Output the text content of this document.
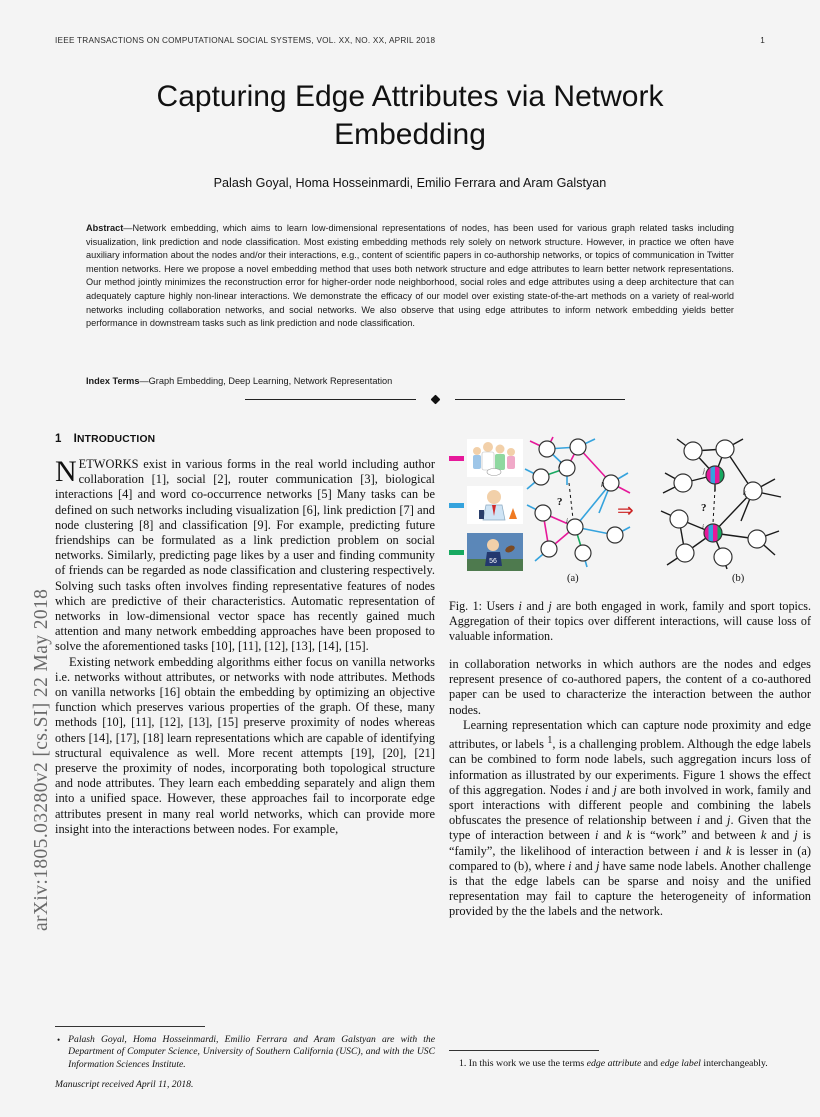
arXiv:1805.03280v2 [cs.SI] 22 May 2018
IEEE TRANSACTIONS ON COMPUTATIONAL SOCIAL SYSTEMS, VOL. XX, NO. XX, APRIL 2018	1
Capturing Edge Attributes via Network Embedding
Palash Goyal, Homa Hosseinmardi, Emilio Ferrara and Aram Galstyan
Abstract—Network embedding, which aims to learn low-dimensional representations of nodes, has been used for various graph related tasks including visualization, link prediction and node classification. Most existing embedding methods rely solely on network structure. However, in practice we often have auxiliary information about the nodes and/or their interactions, e.g., content of scientific papers in co-authorship networks, or topics of communication in Twitter mention networks. Here we propose a novel embedding method that uses both network structure and edge attributes to learn better network representations. Our method jointly minimizes the reconstruction error for higher-order node neighborhood, social roles and edge attributes using a deep architecture that can adequately capture highly non-linear interactions. We demonstrate the efficacy of our model over existing state-of-the-art methods on a variety of real-world networks including collaboration networks, and social networks. We also observe that using edge attributes to inform network embedding yields better performance in downstream tasks such as link prediction and node classification.
Index Terms—Graph Embedding, Deep Learning, Network Representation
1 INTRODUCTION

NETWORKS exist in various forms in the real world including author collaboration [1], social [2], router communication [3], biological interactions [4] and word co-occurrence networks [5] Many tasks can be defined on such networks including visualization [6], link prediction [7] and node clustering [8] and classification [9]. For example, predicting future friendships can be formulated as a link prediction problem on social networks. Similarly, predicting page likes by a user and finding community of friends can be regarded as node classification and clustering respectively. Solving such tasks often involves finding representative features of nodes which are predictive of their characteristics. Automatic representation of networks in low-dimensional vector space has recently gained much attention and many network embedding approaches have been proposed to solve the aforementioned tasks [10], [11], [12], [13], [14], [15].

Existing network embedding algorithms either focus on vanilla networks i.e. networks without attributes, or networks with node attributes. Methods on vanilla networks [16] obtain the embedding by optimizing an objective function which preserves various properties of the graph. Of these, many methods [10], [11], [12], [13], [15] preserve proximity of nodes whereas others [14], [17], [18] learn representations which are capable of identifying structural equivalence as well. More recent attempts [19], [20], [21] preserve the proximity of nodes, incorporating both topological structure and node attributes. They learn each embedding separately and align them into a unified space. However, these approaches fail to incorporate edge attributes present in many real world networks, which can provide more insight into the interactions between nodes. For example,

56
j
k
i
?	⇒
j
k
i
?
(a)	(b)

Fig. 1: Users i and j are both engaged in work, family and sport topics. Aggregation of their topics over different interactions, will cause loss of valuable information.

in collaboration networks in which authors are the nodes and edges represent presence of co-authored papers, the content of a co-authored paper can be used to characterize the interaction between the author nodes.

Learning representation which can capture node proximity and edge attributes, or labels $^1$, is a challenging problem. Although the edge labels can be combined to form node labels, such aggregation incurs loss of information as illustrated by our experiments. Figure 1 shows the effect of this aggregation. Nodes i and j are both involved in work, family and sport interactions with different people and combining the labels obfuscates the presence of relationship between i and j. Given that the type of interaction between i and k is “work” and between k and j is “family”, the likelihood of interaction between i and k is lesser in (a) compared to (b), where i and j have same node labels. Another challenge is that the edge labels can be sparse and noisy and the unified representation may fail to capture the heterogeneity of information provided by the the labels and the network.

• Palash Goyal, Homa Hosseinmardi, Emilio Ferrara and Aram Galstyan are with the Department of Computer Science, University of Southern California (USC), and with the USC Information Sciences Institute.
Manuscript received April 11, 2018.
1. In this work we use the terms edge attribute and edge label interchangeably.
